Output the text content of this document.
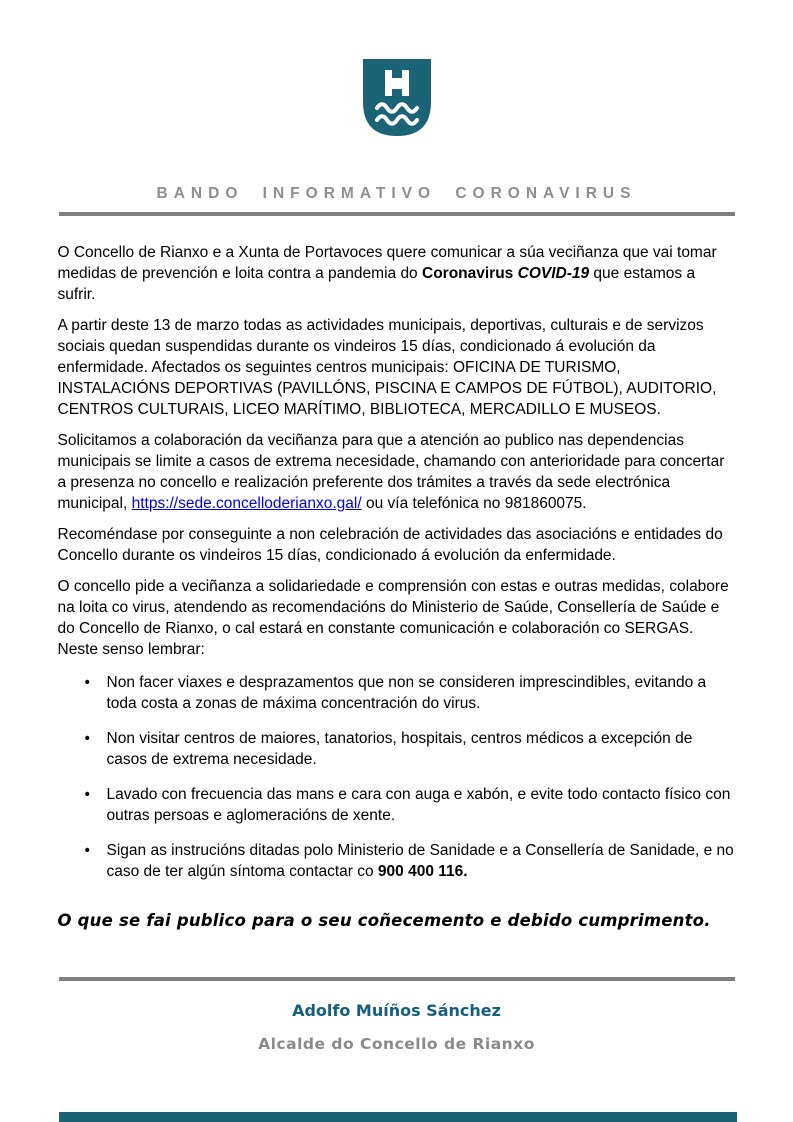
BANDO INFORMATIVO CORONAVIRUS

O Concello de Rianxo e a Xunta de Portavoces quere comunicar a súa veciñanza que vai tomar medidas de prevención e loita contra a pandemia do Coronavirus COVID-19 que estamos a sufrir.

A partir deste 13 de marzo todas as actividades municipais, deportivas, culturais e de servizos sociais quedan suspendidas durante os vindeiros 15 días, condicionado á evolución da enfermidade. Afectados os seguintes centros municipais: OFICINA DE TURISMO, INSTALACIÓNS DEPORTIVAS (PAVILLÓNS, PISCINA E CAMPOS DE FÚTBOL), AUDITORIO, CENTROS CULTURAIS, LICEO MARÍTIMO, BIBLIOTECA, MERCADILLO E MUSEOS.

Solicitamos a colaboración da veciñanza para que a atención ao publico nas dependencias municipais se limite a casos de extrema necesidade, chamando con anterioridade para concertar a presenza no concello e realización preferente dos trámites a través da sede electrónica municipal, https://sede.concelloderianxo.gal/ ou vía telefónica no 981860075.

Recoméndase por conseguinte a non celebración de actividades das asociacións e entidades do Concello durante os vindeiros 15 días, condicionado á evolución da enfermidade.

O concello pide a veciñanza a solidariedade e comprensión con estas e outras medidas, colabore na loita co virus, atendendo as recomendacións do Ministerio de Saúde, Consellería de Saúde e do Concello de Rianxo, o cal estará en constante comunicación e colaboración co SERGAS. Neste senso lembrar:

•	Non facer viaxes e desprazamentos que non se consideren imprescindibles, evitando a toda costa a zonas de máxima concentración do virus.
•	Non visitar centros de maiores, tanatorios, hospitais, centros médicos a excepción de casos de extrema necesidade.
•	Lavado con frecuencia das mans e cara con auga e xabón, e evite todo contacto físico con outras persoas e aglomeracións de xente.
•	Sigan as instrucións ditadas polo Ministerio de Sanidade e a Consellería de Sanidade, e no caso de ter algún síntoma contactar co 900 400 116.

O que se fai publico para o seu coñecemento e debido cumprimento.

Adolfo Muíños Sánchez
Alcalde do Concello de Rianxo
